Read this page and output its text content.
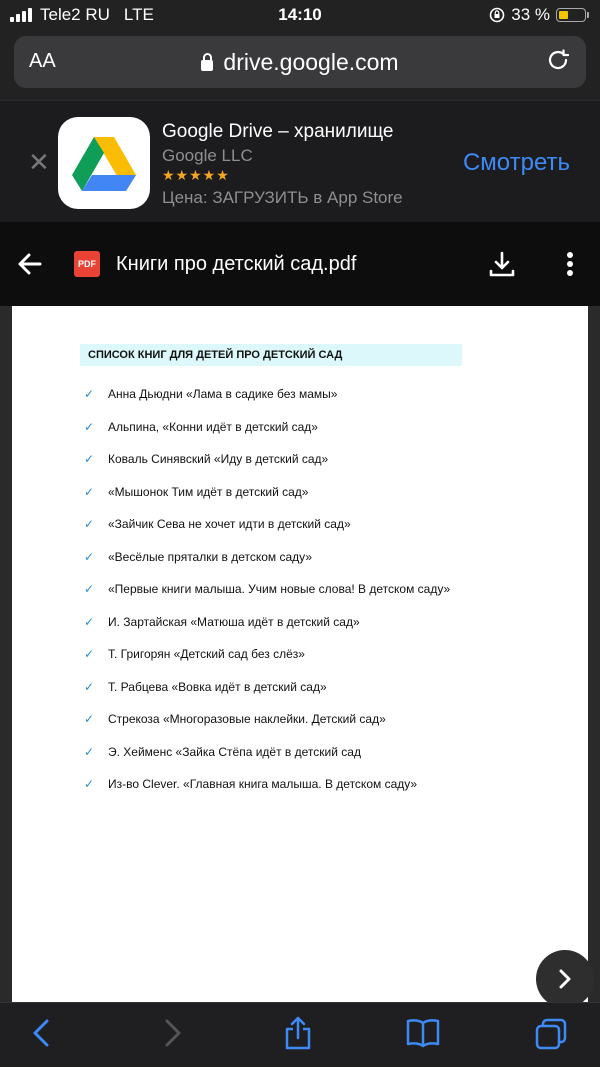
Tele2 RU LTE	14:10	33 %
AA	drive.google.com
✕
Google Drive – хранилище
Google LLC
★★★★★
Цена: ЗАГРУЗИТЬ в App Store
Смотреть
PDF Книги про детский сад.pdf
СПИСОК КНИГ ДЛЯ ДЕТЕЙ ПРО ДЕТСКИЙ САД
✓	Анна Дьюдни «Лама в садике без мамы»
✓	Альпина, «Конни идёт в детский сад»
✓	Коваль Синявский «Иду в детский сад»
✓	«Мышонок Тим идёт в детский сад»
✓	«Зайчик Сева не хочет идти в детский сад»
✓	«Весёлые пряталки в детском саду»
✓	«Первые книги малыша. Учим новые слова! В детском саду»
✓	И. Зартайская «Матюша идёт в детский сад»
✓	Т. Григорян «Детский сад без слёз»
✓	Т. Рабцева «Вовка идёт в детский сад»
✓	Стрекоза «Многоразовые наклейки. Детский сад»
✓	Э. Хейменс «Зайка Стёпа идёт в детский сад
✓	Из-во Clever. «Главная книга малыша. В детском саду»
